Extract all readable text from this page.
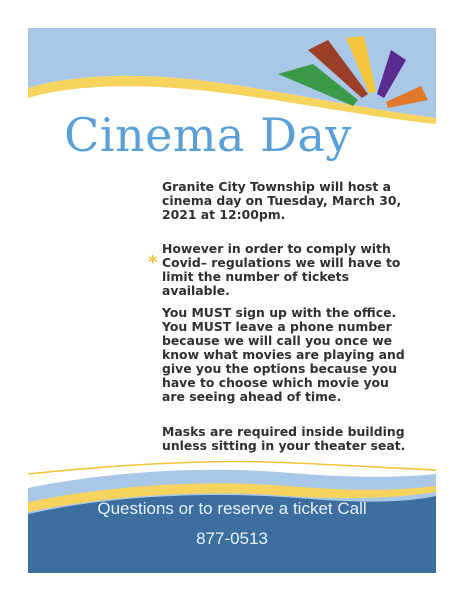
Cinema Day

Granite City Township will host a cinema day on Tuesday, March 30, 2021 at 12:00pm.

*

However in order to comply with Covid– regulations we will have to limit the number of tickets available.

You MUST sign up with the office. You MUST leave a phone number because we will call you once we know what movies are playing and give you the options because you have to choose which movie you are seeing ahead of time.

Masks are required inside building unless sitting in your theater seat.

Questions or to reserve a ticket Call

877-0513
